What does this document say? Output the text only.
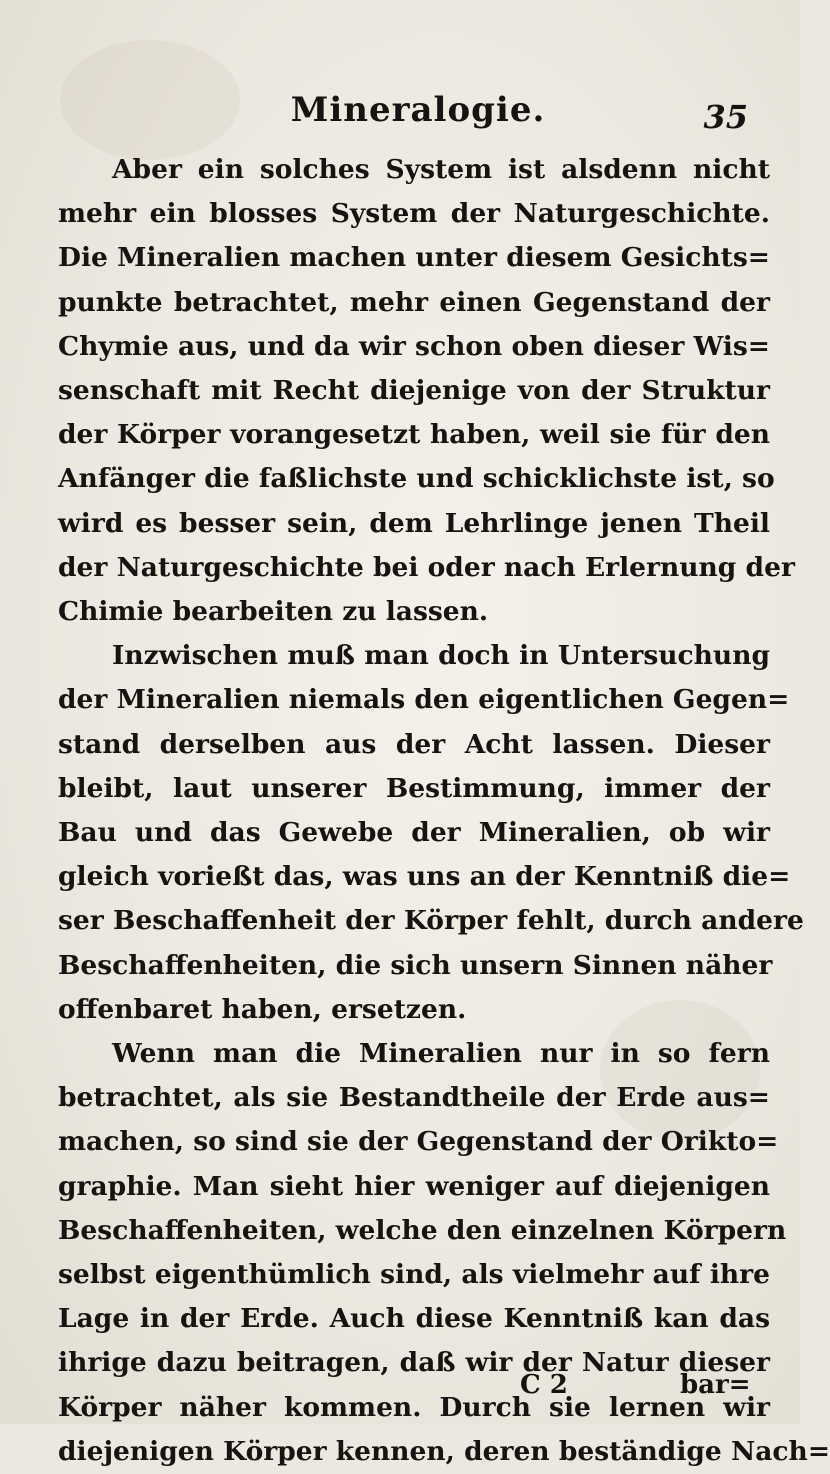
Mineralogie.	35
Aber ein solches System ist alsdenn nicht
mehr ein blosses System der Naturgeschichte.
Die Mineralien machen unter diesem Gesichts=
punkte betrachtet, mehr einen Gegenstand der
Chymie aus, und da wir schon oben dieser Wis=
senschaft mit Recht diejenige von der Struktur
der Körper vorangesetzt haben, weil sie für den
Anfänger die faßlichste und schicklichste ist, so
wird es besser sein, dem Lehrlinge jenen Theil
der Naturgeschichte bei oder nach Erlernung der
Chimie bearbeiten zu lassen.
Inzwischen muß man doch in Untersuchung
der Mineralien niemals den eigentlichen Gegen=
stand derselben aus der Acht lassen. Dieser
bleibt, laut unserer Bestimmung, immer der
Bau und das Gewebe der Mineralien, ob wir
gleich vorießt das, was uns an der Kenntniß die=
ser Beschaffenheit der Körper fehlt, durch andere
Beschaffenheiten, die sich unsern Sinnen näher
offenbaret haben, ersetzen.
Wenn man die Mineralien nur in so fern
betrachtet, als sie Bestandtheile der Erde aus=
machen, so sind sie der Gegenstand der Orikto=
graphie. Man sieht hier weniger auf diejenigen
Beschaffenheiten, welche den einzelnen Körpern
selbst eigenthümlich sind, als vielmehr auf ihre
Lage in der Erde. Auch diese Kenntniß kan das
ihrige dazu beitragen, daß wir der Natur dieser
Körper näher kommen. Durch sie lernen wir
diejenigen Körper kennen, deren beständige Nach=
C 2	bar=
